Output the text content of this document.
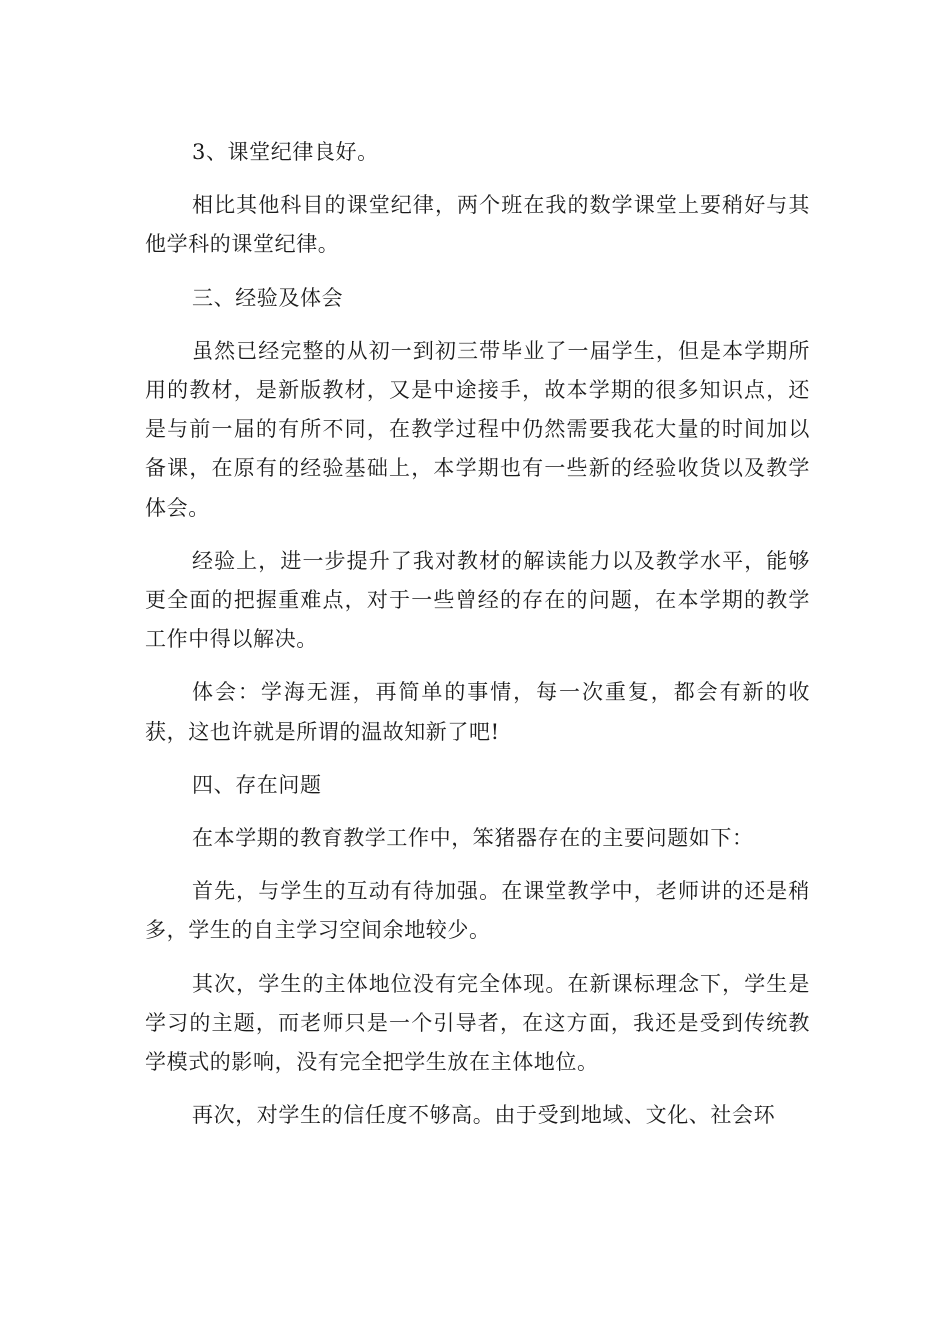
3、课堂纪律良好。

相比其他科目的课堂纪律，两个班在我的数学课堂上要稍好与其他学科的课堂纪律。

三、经验及体会

虽然已经完整的从初一到初三带毕业了一届学生，但是本学期所用的教材，是新版教材，又是中途接手，故本学期的很多知识点，还是与前一届的有所不同，在教学过程中仍然需要我花大量的时间加以备课，在原有的经验基础上，本学期也有一些新的经验收货以及教学体会。

经验上，进一步提升了我对教材的解读能力以及教学水平，能够更全面的把握重难点，对于一些曾经的存在的问题，在本学期的教学工作中得以解决。

体会：学海无涯，再简单的事情，每一次重复，都会有新的收获，这也许就是所谓的温故知新了吧!

四、存在问题

在本学期的教育教学工作中，笨猪器存在的主要问题如下：

首先，与学生的互动有待加强。在课堂教学中，老师讲的还是稍多，学生的自主学习空间余地较少。

其次，学生的主体地位没有完全体现。在新课标理念下，学生是学习的主题，而老师只是一个引导者，在这方面，我还是受到传统教学模式的影响，没有完全把学生放在主体地位。

再次，对学生的信任度不够高。由于受到地域、文化、社会环
